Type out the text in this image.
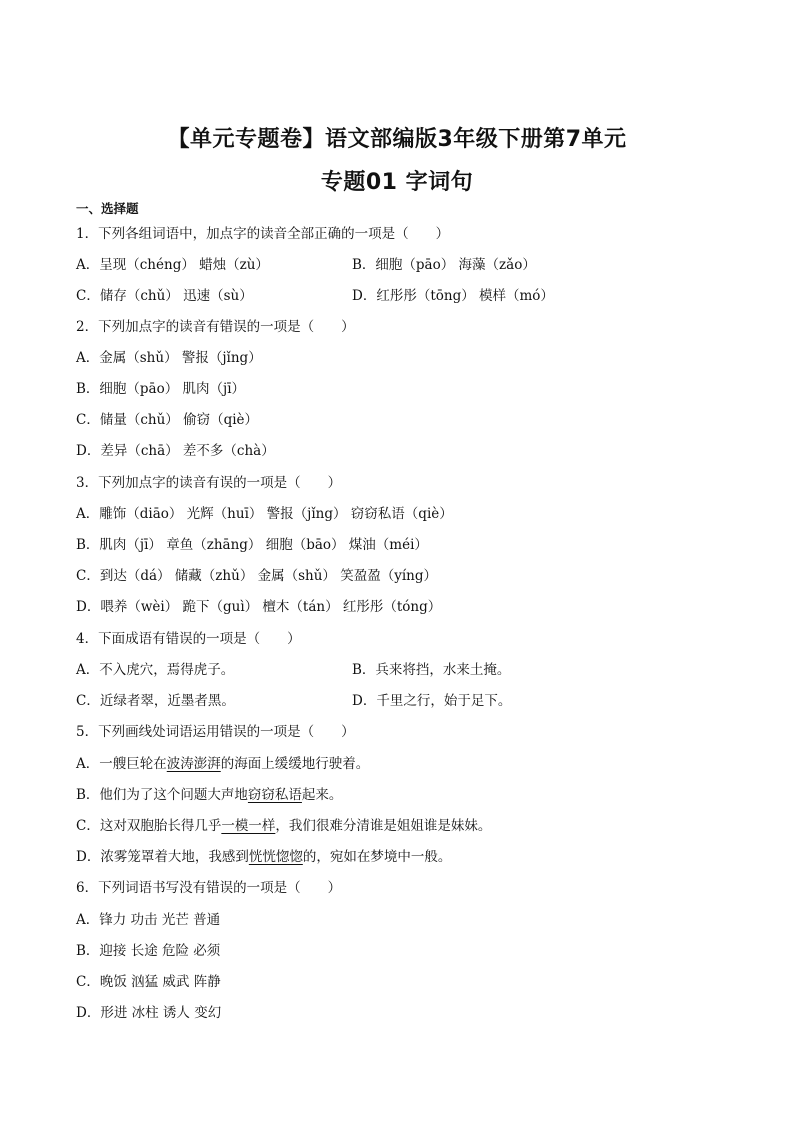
【单元专题卷】语文部编版3年级下册第7单元
专题01 字词句
一、选择题
1．下列各组词语中，加点字的读音全部正确的一项是（　　）
A．呈现（chéng） 蜡烛（zù）	B．细胞（pāo） 海藻（zǎo）
C．储存（chǔ） 迅速（sù）	D．红彤彤（tōng） 模样（mó）
2．下列加点字的读音有错误的一项是（　　）
A．金属（shǔ） 警报（jǐng）
B．细胞（pāo） 肌肉（jī）
C．储量（chǔ） 偷窃（qiè）
D．差异（chā） 差不多（chà）
3．下列加点字的读音有误的一项是（　　）
A．雕饰（diāo） 光辉（huī） 警报（jǐng） 窃窃私语（qiè）
B．肌肉（jī） 章鱼（zhāng） 细胞（bāo） 煤油（méi）
C．到达（dá） 储藏（zhǔ） 金属（shǔ） 笑盈盈（yíng）
D．喂养（wèi） 跪下（guì） 檀木（tán） 红彤彤（tóng）
4．下面成语有错误的一项是（　　）
A．不入虎穴，焉得虎子。	B．兵来将挡，水来土掩。
C．近绿者翠，近墨者黑。	D．千里之行，始于足下。
5．下列画线处词语运用错误的一项是（　　）
A．一艘巨轮在波涛澎湃的海面上缓缓地行驶着。
B．他们为了这个问题大声地窃窃私语起来。
C．这对双胞胎长得几乎一模一样，我们很难分清谁是姐姐谁是妹妹。
D．浓雾笼罩着大地，我感到恍恍惚惚的，宛如在梦境中一般。
6．下列词语书写没有错误的一项是（　　）
A．锋力 功击 光芒 普通
B．迎接 长途 危险 必须
C．晚饭 汹猛 威武 阵静
D．形进 冰柱 诱人 变幻
